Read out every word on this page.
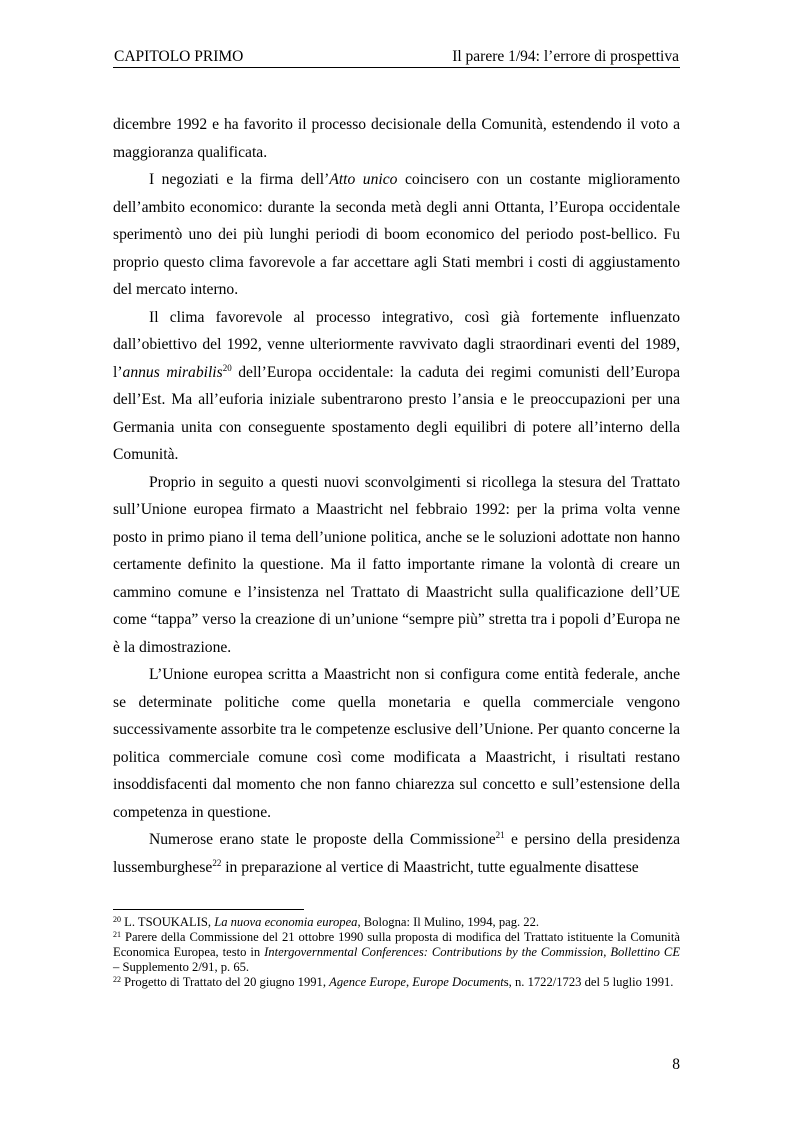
CAPITOLO PRIMO	Il parere 1/94: l’errore di prospettiva

dicembre 1992 e ha favorito il processo decisionale della Comunità, estendendo il voto a maggioranza qualificata.

I negoziati e la firma dell’Atto unico coincisero con un costante miglioramento dell’ambito economico: durante la seconda metà degli anni Ottanta, l’Europa occidentale sperimentò uno dei più lunghi periodi di boom economico del periodo post-bellico. Fu proprio questo clima favorevole a far accettare agli Stati membri i costi di aggiustamento del mercato interno.

Il clima favorevole al processo integrativo, così già fortemente influenzato dall’obiettivo del 1992, venne ulteriormente ravvivato dagli straordinari eventi del 1989, l’annus mirabilis$^{20}$ dell’Europa occidentale: la caduta dei regimi comunisti dell’Europa dell’Est. Ma all’euforia iniziale subentrarono presto l’ansia e le preoccupazioni per una Germania unita con conseguente spostamento degli equilibri di potere all’interno della Comunità.

Proprio in seguito a questi nuovi sconvolgimenti si ricollega la stesura del Trattato sull’Unione europea firmato a Maastricht nel febbraio 1992: per la prima volta venne posto in primo piano il tema dell’unione politica, anche se le soluzioni adottate non hanno certamente definito la questione. Ma il fatto importante rimane la volontà di creare un cammino comune e l’insistenza nel Trattato di Maastricht sulla qualificazione dell’UE come “tappa” verso la creazione di un’unione “sempre più” stretta tra i popoli d’Europa ne è la dimostrazione.

L’Unione europea scritta a Maastricht non si configura come entità federale, anche se determinate politiche come quella monetaria e quella commerciale vengono successivamente assorbite tra le competenze esclusive dell’Unione. Per quanto concerne la politica commerciale comune così come modificata a Maastricht, i risultati restano insoddisfacenti dal momento che non fanno chiarezza sul concetto e sull’estensione della competenza in questione.

Numerose erano state le proposte della Commissione$^{21}$ e persino della presidenza lussemburghese$^{22}$ in preparazione al vertice di Maastricht, tutte egualmente disattese

$^{20}$ L. TSOUKALIS, La nuova economia europea, Bologna: Il Mulino, 1994, pag. 22.

$^{21}$ Parere della Commissione del 21 ottobre 1990 sulla proposta di modifica del Trattato istituente la Comunità Economica Europea, testo in Intergovernmental Conferences: Contributions by the Commission, Bollettino CE – Supplemento 2/91, p. 65.

$^{22}$ Progetto di Trattato del 20 giugno 1991, Agence Europe, Europe Documents, n. 1722/1723 del 5 luglio 1991.

8
